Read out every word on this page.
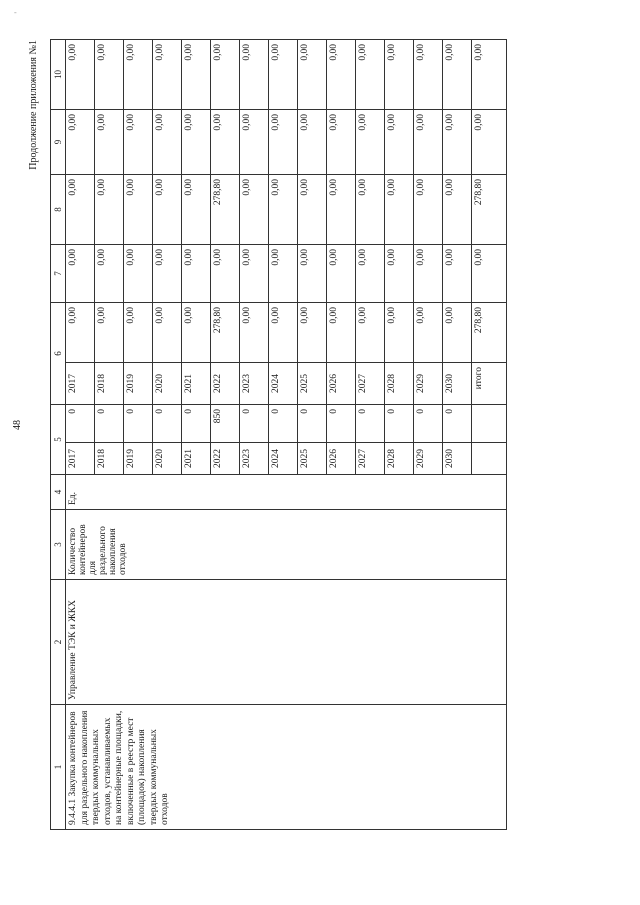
-
48
Продолжение приложения №1
1	2	3	4	5		6		7	8	9	10
9.4.4.1 Закупка контейнеров для раздельного накопления твердых коммунальных отходов, устанавливаемых на контейнерные площадки, включенные в реестр мест (площадок) накопления твердых коммунальных отходов	Управление ТЭК и ЖКХ	Количество контейнеров для раздельного накопления отходов	Ед.	2017	0	2017	0,00	0,00	0,00	0,00	0,00
				2018	0	2018	0,00	0,00	0,00	0,00	0,00
				2019	0	2019	0,00	0,00	0,00	0,00	0,00
				2020	0	2020	0,00	0,00	0,00	0,00	0,00
				2021	0	2021	0,00	0,00	0,00	0,00	0,00
				2022	850	2022	278,80	0,00	278,80	0,00	0,00
				2023	0	2023	0,00	0,00	0,00	0,00	0,00
				2024	0	2024	0,00	0,00	0,00	0,00	0,00
				2025	0	2025	0,00	0,00	0,00	0,00	0,00
				2026	0	2026	0,00	0,00	0,00	0,00	0,00
				2027	0	2027	0,00	0,00	0,00	0,00	0,00
				2028	0	2028	0,00	0,00	0,00	0,00	0,00
				2029	0	2029	0,00	0,00	0,00	0,00	0,00
				2030	0	2030	0,00	0,00	0,00	0,00	0,00
						итого	278,80	0,00	278,80	0,00	0,00
